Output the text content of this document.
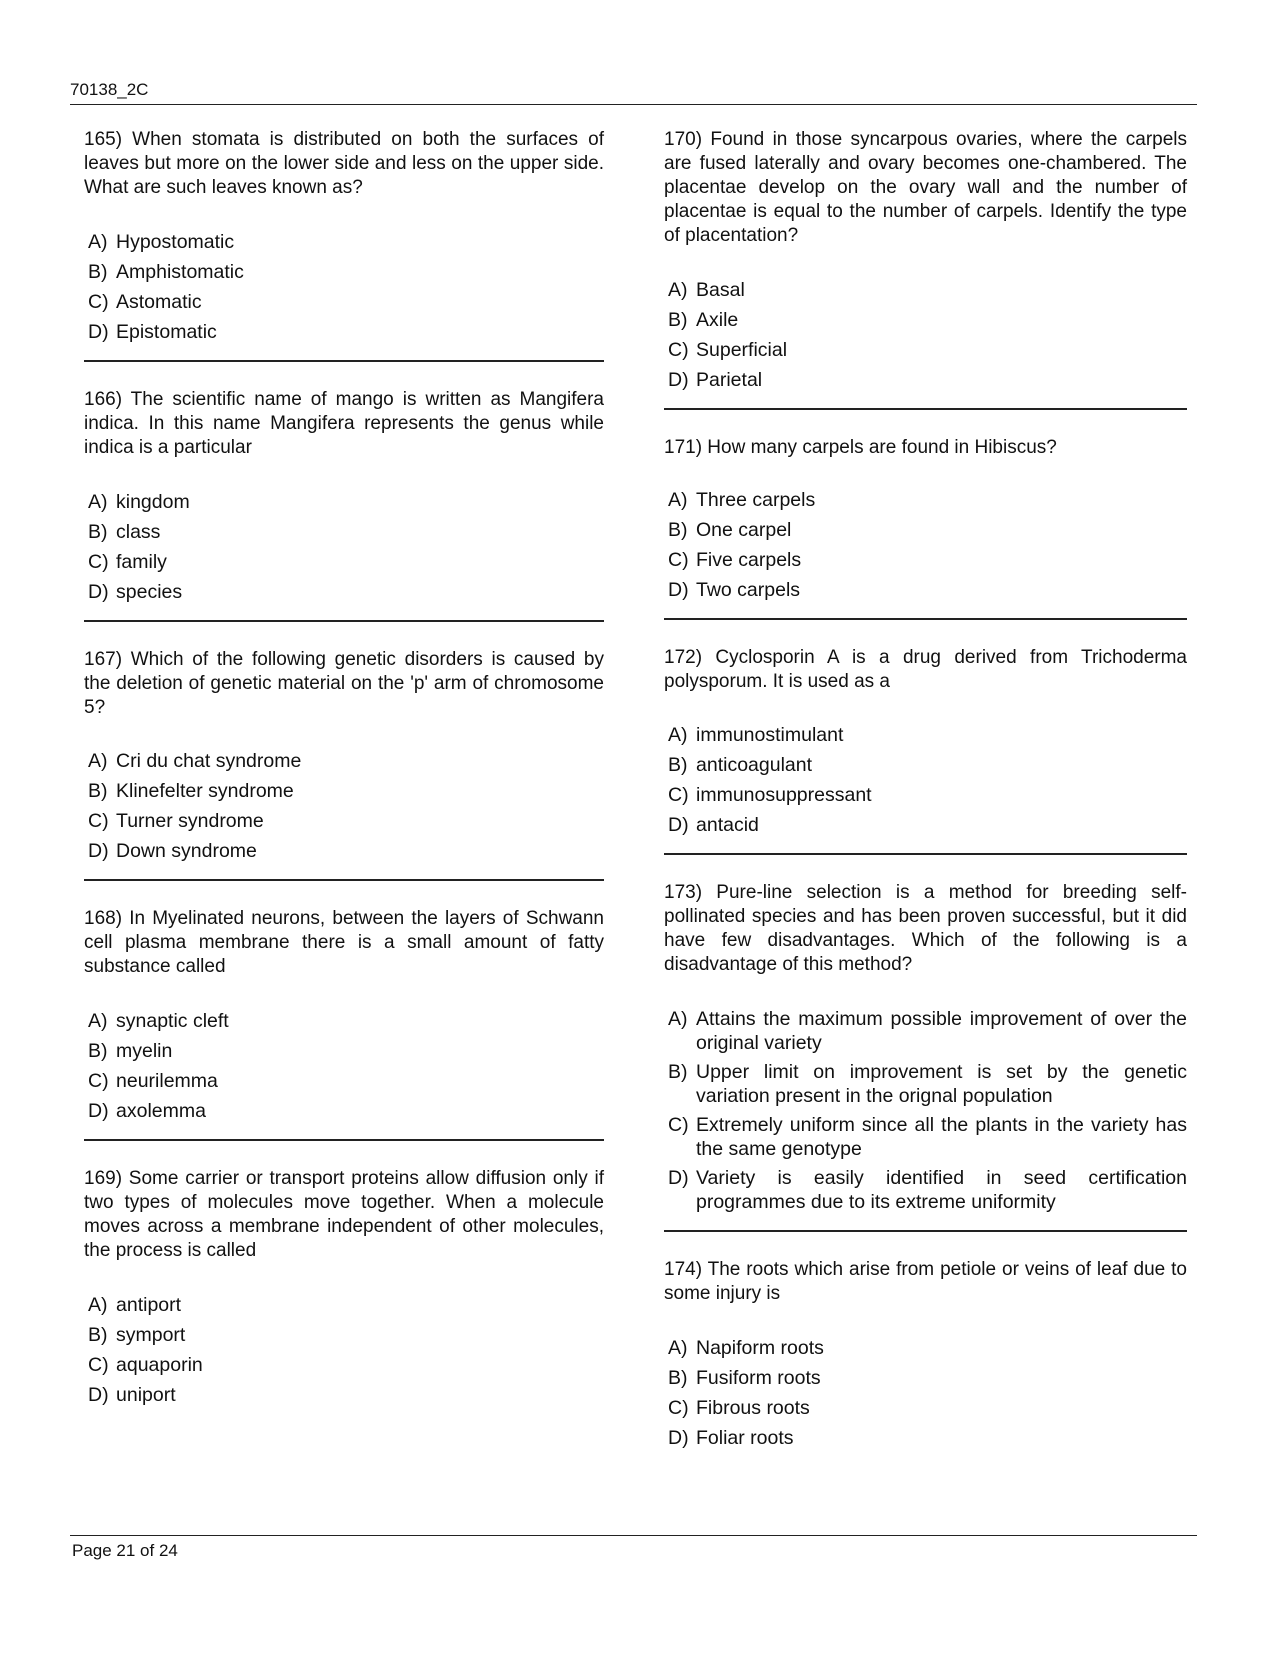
70138_2C

165) When stomata is distributed on both the surfaces of leaves but more on the lower side and less on the upper side. What are such leaves known as?

A) Hypostomatic
B) Amphistomatic
C) Astomatic
D) Epistomatic

166) The scientific name of mango is written as Mangifera indica. In this name Mangifera represents the genus while indica is a particular

A) kingdom
B) class
C) family
D) species

167) Which of the following genetic disorders is caused by the deletion of genetic material on the 'p' arm of chromosome 5?

A) Cri du chat syndrome
B) Klinefelter syndrome
C) Turner syndrome
D) Down syndrome

168) In Myelinated neurons, between the layers of Schwann cell plasma membrane there is a small amount of fatty substance called

A) synaptic cleft
B) myelin
C) neurilemma
D) axolemma

169) Some carrier or transport proteins allow diffusion only if two types of molecules move together. When a molecule moves across a membrane independent of other molecules, the process is called

A) antiport
B) symport
C) aquaporin
D) uniport

170) Found in those syncarpous ovaries, where the carpels are fused laterally and ovary becomes one-chambered. The placentae develop on the ovary wall and the number of placentae is equal to the number of carpels. Identify the type of placentation?

A) Basal
B) Axile
C) Superficial
D) Parietal

171) How many carpels are found in Hibiscus?

A) Three carpels
B) One carpel
C) Five carpels
D) Two carpels

172) Cyclosporin A is a drug derived from Trichoderma polysporum. It is used as a

A) immunostimulant
B) anticoagulant
C) immunosuppressant
D) antacid

173) Pure-line selection is a method for breeding self-pollinated species and has been proven successful, but it did have few disadvantages. Which of the following is a disadvantage of this method?

A) Attains the maximum possible improvement of over the original variety
B) Upper limit on improvement is set by the genetic variation present in the orignal population
C) Extremely uniform since all the plants in the variety has the same genotype
D) Variety is easily identified in seed certification programmes due to its extreme uniformity

174) The roots which arise from petiole or veins of leaf due to some injury is

A) Napiform roots
B) Fusiform roots
C) Fibrous roots
D) Foliar roots
Page 21 of 24
